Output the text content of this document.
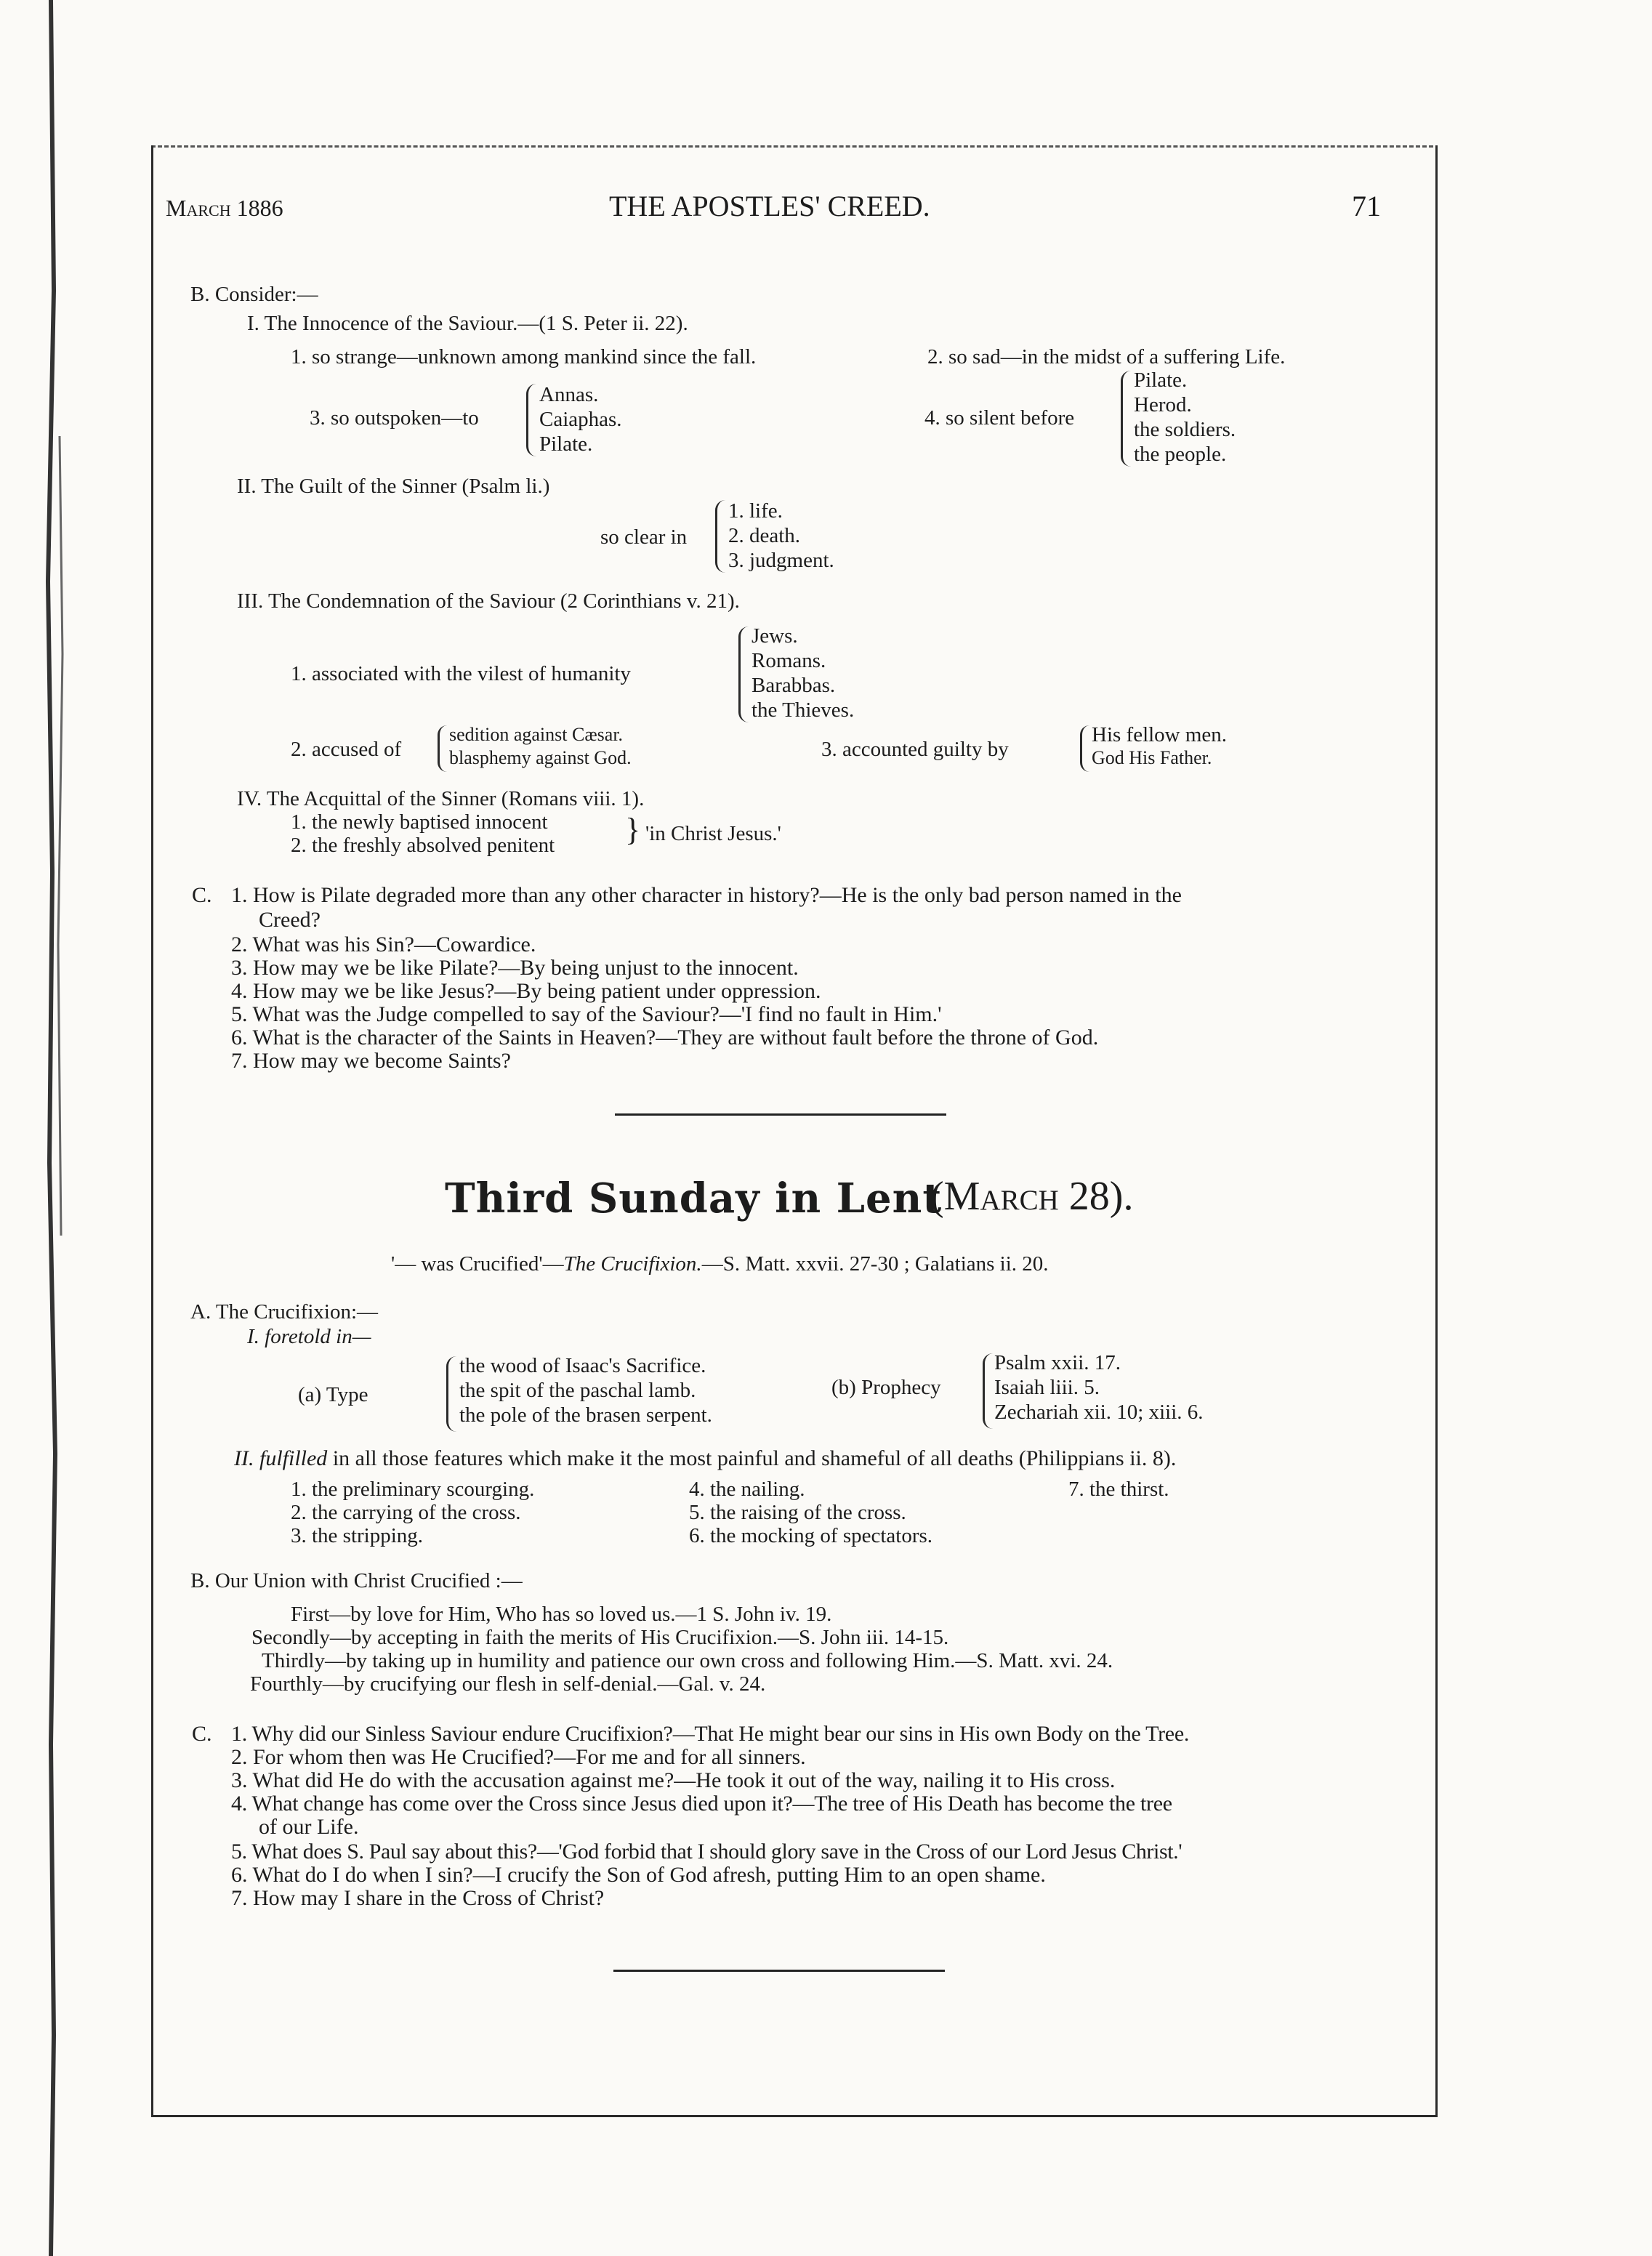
March 1886	THE APOSTLES' CREED.	71
B. Consider:—
I. The Innocence of the Saviour.—(1 S. Peter ii. 22).
1. so strange—unknown among mankind since the fall.	2. so sad—in the midst of a suffering Life.
3. so outspoken—to
Annas.
Caiaphas.
Pilate.
4. so silent before
Pilate.
Herod.
the soldiers.
the people.
II. The Guilt of the Sinner (Psalm li.)
so clear in
1. life.
2. death.
3. judgment.
III. The Condemnation of the Saviour (2 Corinthians v. 21).
1. associated with the vilest of humanity
Jews.
Romans.
Barabbas.
the Thieves.
2. accused of
sedition against Cæsar.
blasphemy against God.	3. accounted guilty by
His fellow men.
God His Father.
IV. The Acquittal of the Sinner (Romans viii. 1).
1. the newly baptised innocent
2. the freshly absolved penitent } 'in Christ Jesus.'
C. 1. How is Pilate degraded more than any other character in history?—He is the only bad person named in the
Creed?
2. What was his Sin?—Cowardice.
3. How may we be like Pilate?—By being unjust to the innocent.
4. How may we be like Jesus?—By being patient under oppression.
5. What was the Judge compelled to say of the Saviour?—'I find no fault in Him.'
6. What is the character of the Saints in Heaven?—They are without fault before the throne of God.
7. How may we become Saints?
Third Sunday in Lent
(March 28).
'— was Crucified'—The Crucifixion.—S. Matt. xxvii. 27-30 ; Galatians ii. 20.
A. The Crucifixion:—
I. foretold in—
(a) Type
the wood of Isaac's Sacrifice.
the spit of the paschal lamb.
the pole of the brasen serpent.
(b) Prophecy
Psalm xxii. 17.
Isaiah liii. 5.
Zechariah xii. 10; xiii. 6.
II. fulfilled in all those features which make it the most painful and shameful of all deaths (Philippians ii. 8).
1. the preliminary scourging.
2. the carrying of the cross.
3. the stripping.
4. the nailing.
5. the raising of the cross.
6. the mocking of spectators.
7. the thirst.
B. Our Union with Christ Crucified :—
First—by love for Him, Who has so loved us.—1 S. John iv. 19.
Secondly—by accepting in faith the merits of His Crucifixion.—S. John iii. 14-15.
Thirdly—by taking up in humility and patience our own cross and following Him.—S. Matt. xvi. 24.
Fourthly—by crucifying our flesh in self-denial.—Gal. v. 24.
C. 1. Why did our Sinless Saviour endure Crucifixion?—That He might bear our sins in His own Body on the Tree.
2. For whom then was He Crucified?—For me and for all sinners.
3. What did He do with the accusation against me?—He took it out of the way, nailing it to His cross.
4. What change has come over the Cross since Jesus died upon it?—The tree of His Death has become the tree
of our Life.
5. What does S. Paul say about this?—'God forbid that I should glory save in the Cross of our Lord Jesus Christ.'
6. What do I do when I sin?—I crucify the Son of God afresh, putting Him to an open shame.
7. How may I share in the Cross of Christ?
